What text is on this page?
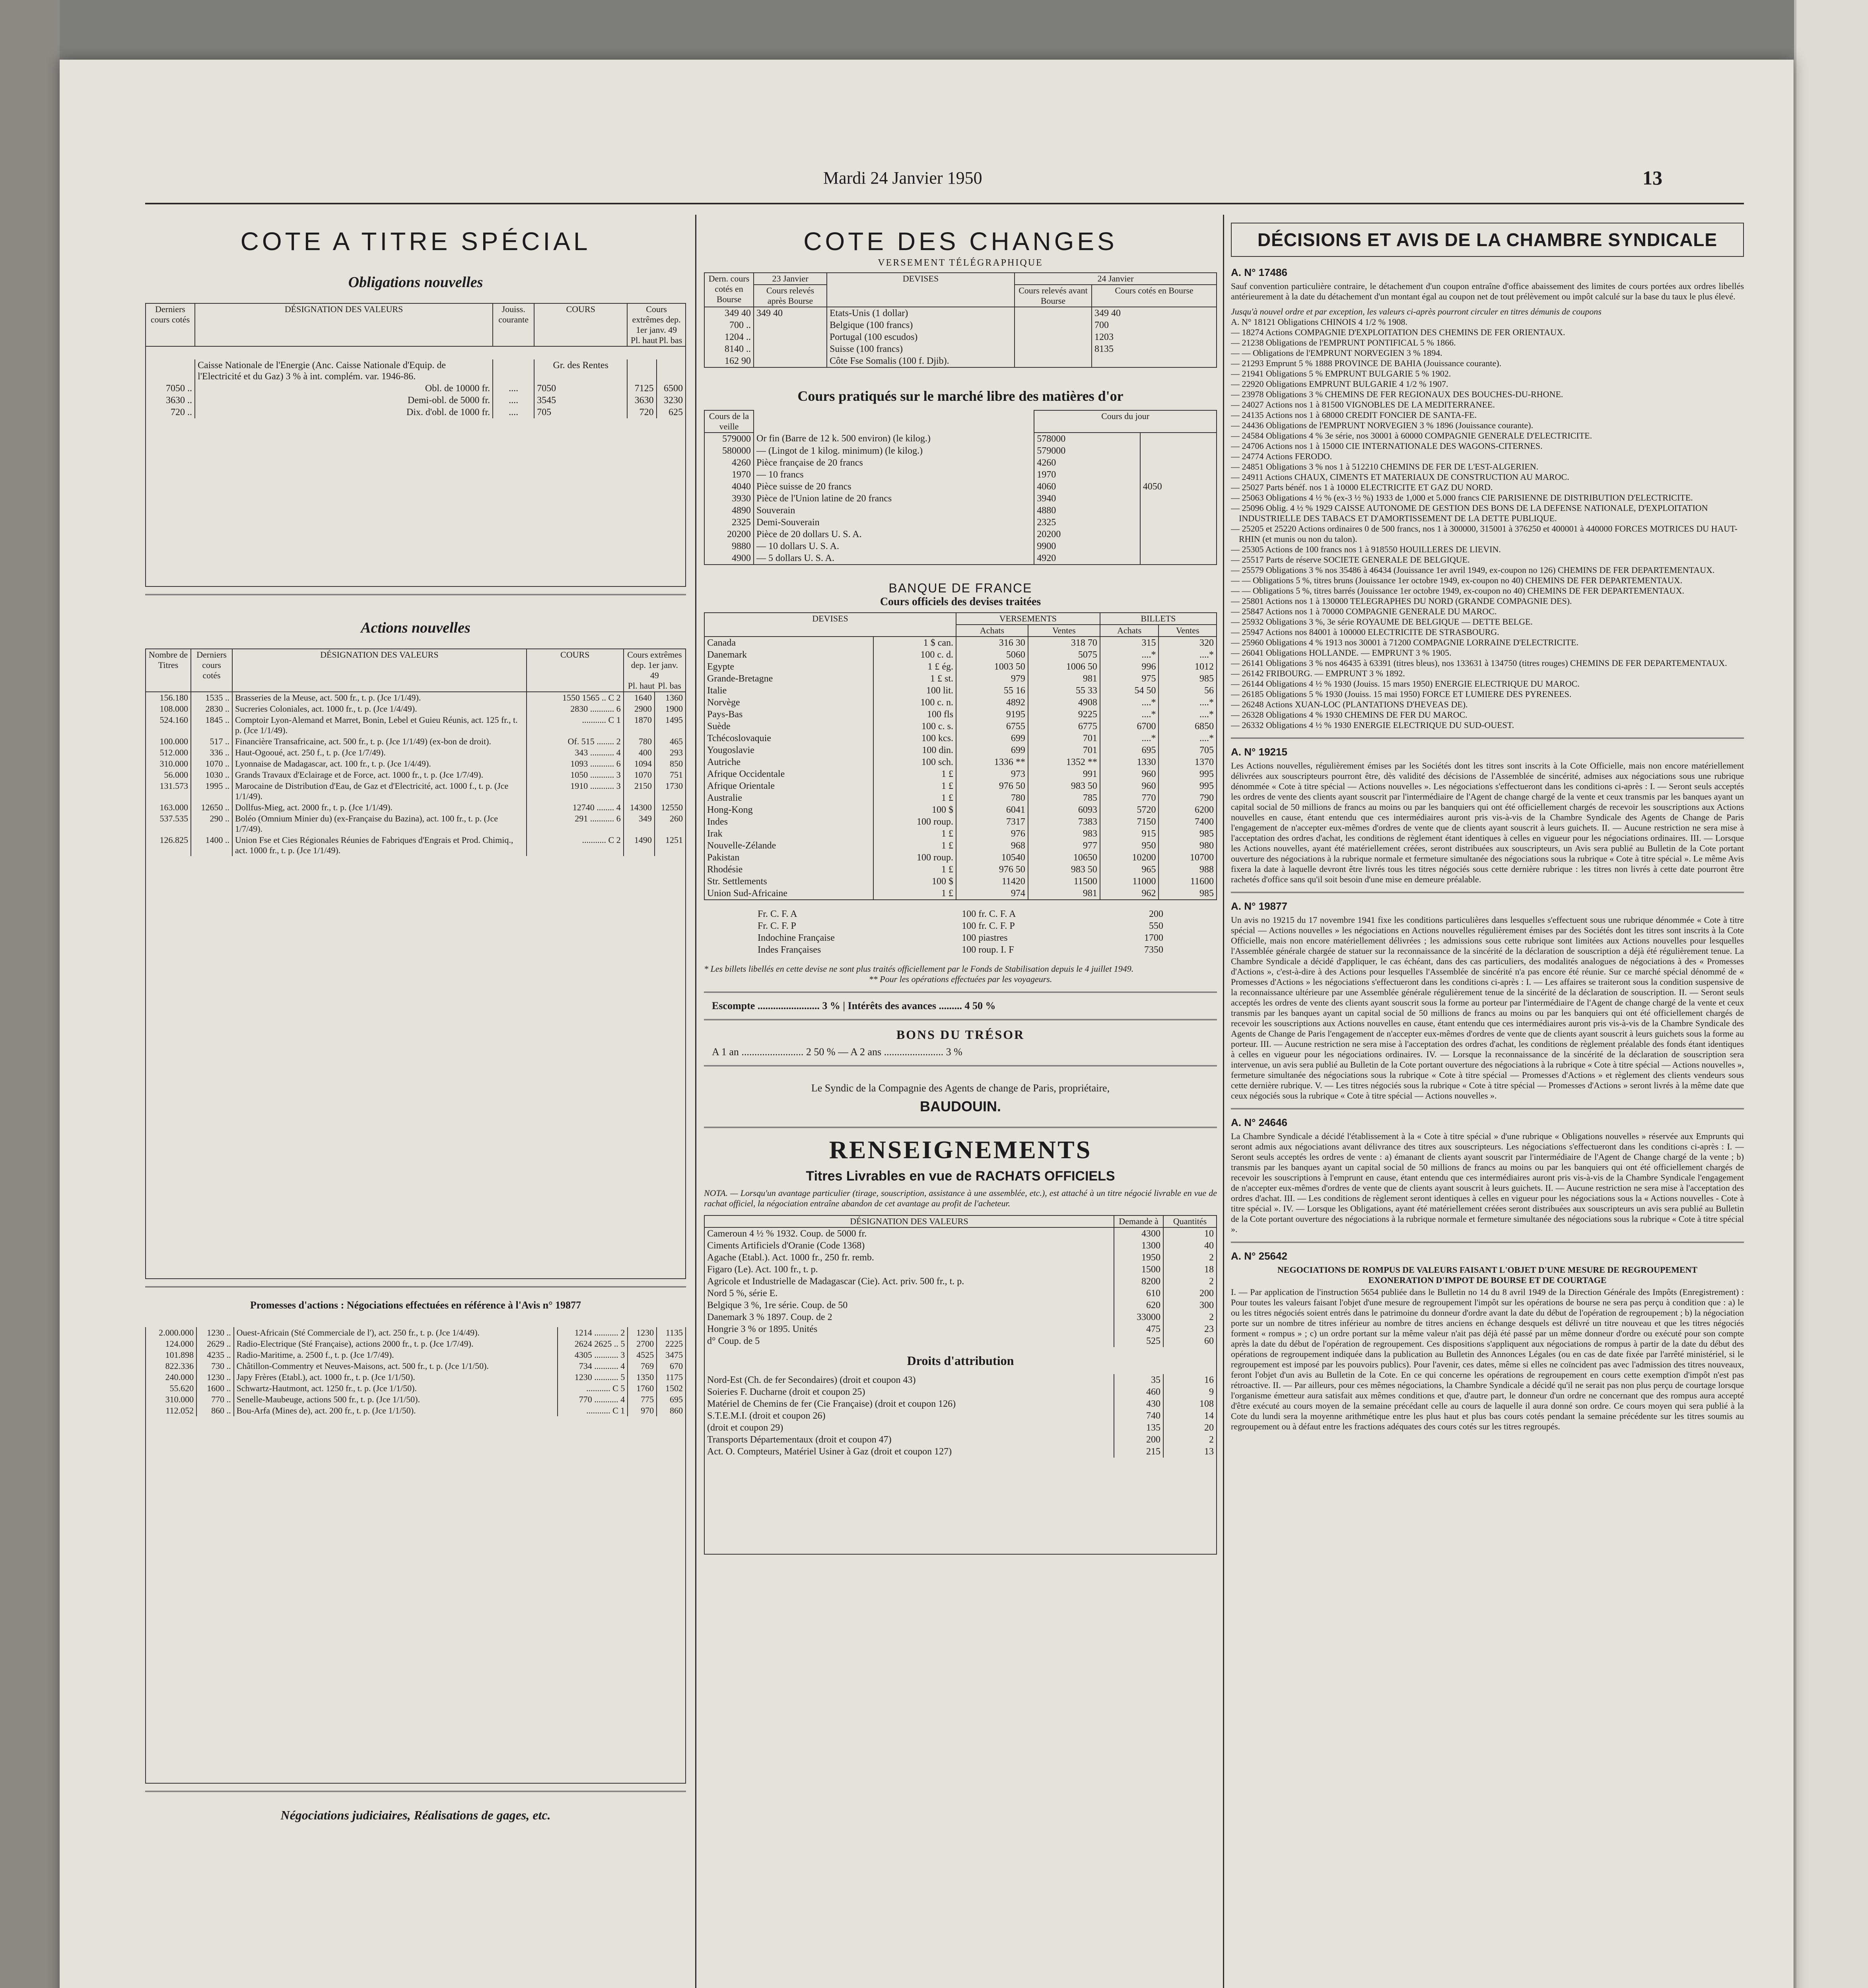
Mardi 24 Janvier 1950	13
COTE A TITRE SPÉCIAL
Obligations nouvelles
Derniers cours cotés	DÉSIGNATION DES VALEURS	Jouiss. courante	COURS	Cours extrêmes dep. 1er janv. 49
Pl. haut Pl. bas	

	Caisse Nationale de l'Energie (Anc. Caisse Nationale d'Equip. de l'Electricité et du Gaz) 3 % à int. complém. var. 1946-86.		Gr. des Rentes		
7050 ..	Obl. de 10000 fr.	....	7050	7125	6500
3630 ..	Demi-obl. de 5000 fr.	....	3545	3630	3230
720 ..	Dix. d'obl. de 1000 fr.	....	705	720	625

Actions nouvelles
Nombre de Titres	Derniers cours cotés	DÉSIGNATION DES VALEURS	COURS	Cours extrêmes dep. 1er janv. 49
Pl. haut Pl. bas	

156.180	1535 ..	Brasseries de la Meuse, act. 500 fr., t. p. (Jce 1/1/49).	1550 1565 .. C 2	1640	1360
108.000	2830 ..	Sucreries Coloniales, act. 1000 fr., t. p. (Jce 1/4/49).	2830 ........... 6	2900	1900
524.160	1845 ..	Comptoir Lyon-Alemand et Marret, Bonin, Lebel et Guieu Réunis, act. 125 fr., t. p. (Jce 1/1/49).	........... C 1	1870	1495
100.000	517 ..	Financière Transafricaine, act. 500 fr., t. p. (Jce 1/1/49) (ex-bon de droit).	Of. 515 ........ 2	780	465
512.000	336 ..	Haut-Ogooué, act. 250 f., t. p. (Jce 1/7/49).	343 ........... 4	400	293
310.000	1070 ..	Lyonnaise de Madagascar, act. 100 fr., t. p. (Jce 1/4/49).	1093 ........... 6	1094	850
56.000	1030 ..	Grands Travaux d'Eclairage et de Force, act. 1000 fr., t. p. (Jce 1/7/49).	1050 ........... 3	1070	751
131.573	1995 ..	Marocaine de Distribution d'Eau, de Gaz et d'Electricité, act. 1000 f., t. p. (Jce 1/1/49).	1910 ........... 3	2150	1730
163.000	12650 ..	Dollfus-Mieg, act. 2000 fr., t. p. (Jce 1/1/49).	12740 ........ 4	14300	12550
537.535	290 ..	Boléo (Omnium Minier du) (ex-Française du Bazina), act. 100 fr., t. p. (Jce 1/7/49).	291 ........... 6	349	260
126.825	1400 ..	Union Fse et Cies Régionales Réunies de Fabriques d'Engrais et Prod. Chimiq., act. 1000 fr., t. p. (Jce 1/1/49).	........... C 2	1490	1251

Promesses d'actions : Négociations effectuées en référence à l'Avis n° 19877
2.000.000	1230 ..	Ouest-Africain (Sté Commerciale de l'), act. 250 fr., t. p. (Jce 1/4/49).	1214 ........... 2	1230	1135
124.000	2629 ..	Radio-Electrique (Sté Française), actions 2000 fr., t. p. (Jce 1/7/49).	2624 2625 .. 5	2700	2225
101.898	4235 ..	Radio-Maritime, a. 2500 f., t. p. (Jce 1/7/49).	4305 ........... 3	4525	3475
822.336	730 ..	Châtillon-Commentry et Neuves-Maisons, act. 500 fr., t. p. (Jce 1/1/50).	734 ........... 4	769	670
240.000	1230 ..	Japy Frères (Etabl.), act. 1000 fr., t. p. (Jce 1/1/50).	1230 ........... 5	1350	1175
55.620	1600 ..	Schwartz-Hautmont, act. 1250 fr., t. p. (Jce 1/1/50).	........... C 5	1760	1502
310.000	770 ..	Senelle-Maubeuge, actions 500 fr., t. p. (Jce 1/1/50).	770 ........... 4	775	695
112.052	860 ..	Bou-Arfa (Mines de), act. 200 fr., t. p. (Jce 1/1/50).	........... C 1	970	860

Négociations judiciaires, Réalisations de gages, etc.
COTE DES CHANGES
VERSEMENT TÉLÉGRAPHIQUE
Dern. cours cotés en Bourse	23 Janvier	DEVISES	24 Janvier	
	Cours relevés après Bourse		Cours relevés avant Bourse	Cours cotés en Bourse
349 40	349 40	Etats-Unis (1 dollar)		349 40
700 ..		Belgique (100 francs)		700
1204 ..		Portugal (100 escudos)		1203
8140 ..		Suisse (100 francs)		8135
162 90		Côte Fse Somalis (100 f. Djib).		
Cours pratiqués sur le marché libre des matières d'or
Cours de la veille		Cours du jour	
579000	Or fin (Barre de 12 k. 500 environ) (le kilog.)	578000	
580000	— (Lingot de 1 kilog. minimum) (le kilog.)	579000	
4260	Pièce française de 20 francs	4260	
1970	— 10 francs	1970	
4040	Pièce suisse de 20 francs	4060	4050
3930	Pièce de l'Union latine de 20 francs	3940	
4890	Souverain	4880	
2325	Demi-Souverain	2325	
20200	Pièce de 20 dollars U. S. A.	20200	
9880	— 10 dollars U. S. A.	9900	
4900	— 5 dollars U. S. A.	4920	
BANQUE DE FRANCE
Cours officiels des devises traitées
DEVISES		VERSEMENTS		BILLETS	
		Achats	Ventes	Achats	Ventes
Canada	1 $ can.	316 30	318 70	315	320
Danemark	100 c. d.	5060	5075	....*	....*
Egypte	1 £ ég.	1003 50	1006 50	996	1012
Grande-Bretagne	1 £ st.	979	981	975	985
Italie	100 lit.	55 16	55 33	54 50	56
Norvège	100 c. n.	4892	4908	....*	....*
Pays-Bas	100 fls	9195	9225	....*	....*
Suède	100 c. s.	6755	6775	6700	6850
Tchécoslovaquie	100 kcs.	699	701	....*	....*
Yougoslavie	100 din.	699	701	695	705
Autriche	100 sch.	1336 **	1352 **	1330	1370
Afrique Occidentale	1 £	973	991	960	995
Afrique Orientale	1 £	976 50	983 50	960	995
Australie	1 £	780	785	770	790
Hong-Kong	100 $	6041	6093	5720	6200
Indes	100 roup.	7317	7383	7150	7400
Irak	1 £	976	983	915	985
Nouvelle-Zélande	1 £	968	977	950	980
Pakistan	100 roup.	10540	10650	10200	10700
Rhodésie	1 £	976 50	983 50	965	988
Str. Settlements	100 $	11420	11500	11000	11600
Union Sud-Africaine	1 £	974	981	962	985
Fr. C. F. A	100 fr. C. F. A	200
Fr. C. F. P	100 fr. C. F. P	550
Indochine Française	100 piastres	1700
Indes Françaises	100 roup. I. F	7350

* Les billets libellés en cette devise ne sont plus traités officiellement par le Fonds de Stabilisation depuis le 4 juillet 1949.

** Pour les opérations effectuées par les voyageurs.

Escompte ........................ 3 % | Intérêts des avances ......... 4 50 %
BONS DU TRÉSOR
A 1 an ........................ 2 50 % — A 2 ans ....................... 3 %
Le Syndic de la Compagnie des Agents de change de Paris, propriétaire,
BAUDOUIN.
RENSEIGNEMENTS
Titres Livrables en vue de RACHATS OFFICIELS

NOTA. — Lorsqu'un avantage particulier (tirage, souscription, assistance à une assemblée, etc.), est attaché à un titre négocié livrable en vue de rachat officiel, la négociation entraîne abandon de cet avantage au profit de l'acheteur.

DÉSIGNATION DES VALEURS	Demande à	Quantités
Cameroun 4 ½ % 1932. Coup. de 5000 fr.	4300	10
Ciments Artificiels d'Oranie (Code 1368)	1300	40
Agache (Etabl.). Act. 1000 fr., 250 fr. remb.	1950	2
Figaro (Le). Act. 100 fr., t. p.	1500	18
Agricole et Industrielle de Madagascar (Cie). Act. priv. 500 fr., t. p.	8200	2
Nord 5 %, série E.	610	200
Belgique 3 %, 1re série. Coup. de 50	620	300
Danemark 3 % 1897. Coup. de 2	33000	2
Hongrie 3 % or 1895. Unités	475	23
d° Coup. de 5	525	60
Droits d'attribution		
Nord-Est (Ch. de fer Secondaires) (droit et coupon 43)	35	16
Soieries F. Ducharne (droit et coupon 25)	460	9
Matériel de Chemins de fer (Cie Française) (droit et coupon 126)	430	108
S.T.E.M.I. (droit et coupon 26)	740	14
(droit et coupon 29)	135	20
Transports Départementaux (droit et coupon 47)	200	2
Act. O. Compteurs, Matériel Usiner à Gaz (droit et coupon 127)	215	13

DÉCISIONS ET AVIS DE LA CHAMBRE SYNDICALE
A. N° 17486

Sauf convention particulière contraire, le détachement d'un coupon entraîne d'office abaissement des limites de cours portées aux ordres libellés antérieurement à la date du détachement d'un montant égal au coupon net de tout prélèvement ou impôt calculé sur la base du taux le plus élevé.

Jusqu'à nouvel ordre et par exception, les valeurs ci-après pourront circuler en titres démunis de coupons

A. N° 18121 Obligations CHINOIS 4 1/2 % 1908.
— 18274 Actions COMPAGNIE D'EXPLOITATION DES CHEMINS DE FER ORIENTAUX.
— 21238 Obligations de l'EMPRUNT PONTIFICAL 5 % 1866.
— — Obligations de l'EMPRUNT NORVEGIEN 3 % 1894.
— 21293 Emprunt 5 % 1888 PROVINCE DE BAHIA (Jouissance courante).
— 21941 Obligations 5 % EMPRUNT BULGARIE 5 % 1902.
— 22920 Obligations EMPRUNT BULGARIE 4 1/2 % 1907.
— 23978 Obligations 3 % CHEMINS DE FER REGIONAUX DES BOUCHES-DU-RHONE.
— 24027 Actions nos 1 à 81500 VIGNOBLES DE LA MEDITERRANEE.
— 24135 Actions nos 1 à 68000 CREDIT FONCIER DE SANTA-FE.
— 24436 Obligations de l'EMPRUNT NORVEGIEN 3 % 1896 (Jouissance courante).
— 24584 Obligations 4 % 3e série, nos 30001 à 60000 COMPAGNIE GENERALE D'ELECTRICITE.
— 24706 Actions nos 1 à 15000 CIE INTERNATIONALE DES WAGONS-CITERNES.
— 24774 Actions FERODO.
— 24851 Obligations 3 % nos 1 à 512210 CHEMINS DE FER DE L'EST-ALGERIEN.
— 24911 Actions CHAUX, CIMENTS ET MATERIAUX DE CONSTRUCTION AU MAROC.
— 25027 Parts bénéf. nos 1 à 10000 ELECTRICITE ET GAZ DU NORD.
— 25063 Obligations 4 ½ % (ex-3 ½ %) 1933 de 1,000 et 5.000 francs CIE PARISIENNE DE DISTRIBUTION D'ELECTRICITE.
— 25096 Oblig. 4 ½ % 1929 CAISSE AUTONOME DE GESTION DES BONS DE LA DEFENSE NATIONALE, D'EXPLOITATION INDUSTRIELLE DES TABACS ET D'AMORTISSEMENT DE LA DETTE PUBLIQUE.
— 25205 et 25220 Actions ordinaires 0 de 500 francs, nos 1 à 300000, 315001 à 376250 et 400001 à 440000 FORCES MOTRICES DU HAUT-RHIN (et munis ou non du talon).
— 25305 Actions de 100 francs nos 1 à 918550 HOUILLERES DE LIEVIN.
— 25517 Parts de réserve SOCIETE GENERALE DE BELGIQUE.
— 25579 Obligations 3 % nos 35486 à 46434 (Jouissance 1er avril 1949, ex-coupon no 126) CHEMINS DE FER DEPARTEMENTAUX.
— — Obligations 5 %, titres bruns (Jouissance 1er octobre 1949, ex-coupon no 40) CHEMINS DE FER DEPARTEMENTAUX.
— — Obligations 5 %, titres barrés (Jouissance 1er octobre 1949, ex-coupon no 40) CHEMINS DE FER DEPARTEMENTAUX.
— 25801 Actions nos 1 à 130000 TELEGRAPHES DU NORD (GRANDE COMPAGNIE DES).
— 25847 Actions nos 1 à 70000 COMPAGNIE GENERALE DU MAROC.
— 25932 Obligations 3 %, 3e série ROYAUME DE BELGIQUE — DETTE BELGE.
— 25947 Actions nos 84001 à 100000 ELECTRICITE DE STRASBOURG.
— 25960 Obligations 4 % 1913 nos 30001 à 71200 COMPAGNIE LORRAINE D'ELECTRICITE.
— 26041 Obligations HOLLANDE. — EMPRUNT 3 % 1905.
— 26141 Obligations 3 % nos 46435 à 63391 (titres bleus), nos 133631 à 134750 (titres rouges) CHEMINS DE FER DEPARTEMENTAUX.
— 26142 FRIBOURG. — EMPRUNT 3 % 1892.
— 26144 Obligations 4 ½ % 1930 (Jouiss. 15 mars 1950) ENERGIE ELECTRIQUE DU MAROC.
— 26185 Obligations 5 % 1930 (Jouiss. 15 mai 1950) FORCE ET LUMIERE DES PYRENEES.
— 26248 Actions XUAN-LOC (PLANTATIONS D'HEVEAS DE).
— 26328 Obligations 4 % 1930 CHEMINS DE FER DU MAROC.
— 26332 Obligations 4 ½ % 1930 ENERGIE ELECTRIQUE DU SUD-OUEST.
A. N° 19215

Les Actions nouvelles, régulièrement émises par les Sociétés dont les titres sont inscrits à la Cote Officielle, mais non encore matériellement délivrées aux souscripteurs pourront être, dès validité des décisions de l'Assemblée de sincérité, admises aux négociations sous une rubrique dénommée « Cote à titre spécial — Actions nouvelles ». Les négociations s'effectueront dans les conditions ci-après : I. — Seront seuls acceptés les ordres de vente des clients ayant souscrit par l'intermédiaire de l'Agent de change chargé de la vente et ceux transmis par les banques ayant un capital social de 50 millions de francs au moins ou par les banquiers qui ont été officiellement chargés de recevoir les souscriptions aux Actions nouvelles en cause, étant entendu que ces intermédiaires auront pris vis-à-vis de la Chambre Syndicale des Agents de Change de Paris l'engagement de n'accepter eux-mêmes d'ordres de vente que de clients ayant souscrit à leurs guichets. II. — Aucune restriction ne sera mise à l'acceptation des ordres d'achat, les conditions de règlement étant identiques à celles en vigueur pour les négociations ordinaires. III. — Lorsque les Actions nouvelles, ayant été matériellement créées, seront distribuées aux souscripteurs, un Avis sera publié au Bulletin de la Cote portant ouverture des négociations à la rubrique normale et fermeture simultanée des négociations sous la rubrique « Cote à titre spécial ». Le même Avis fixera la date à laquelle devront être livrés tous les titres négociés sous cette dernière rubrique : les titres non livrés à cette date pourront être rachetés d'office sans qu'il soit besoin d'une mise en demeure préalable.

A. N° 19877

Un avis no 19215 du 17 novembre 1941 fixe les conditions particulières dans lesquelles s'effectuent sous une rubrique dénommée « Cote à titre spécial — Actions nouvelles » les négociations en Actions nouvelles régulièrement émises par des Sociétés dont les titres sont inscrits à la Cote Officielle, mais non encore matériellement délivrées ; les admissions sous cette rubrique sont limitées aux Actions nouvelles pour lesquelles l'Assemblée générale chargée de statuer sur la reconnaissance de la sincérité de la déclaration de souscription a déjà été régulièrement tenue. La Chambre Syndicale a décidé d'appliquer, le cas échéant, dans des cas particuliers, des modalités analogues de négociations à des « Promesses d'Actions », c'est-à-dire à des Actions pour lesquelles l'Assemblée de sincérité n'a pas encore été réunie. Sur ce marché spécial dénommé de « Promesses d'Actions » les négociations s'effectueront dans les conditions ci-après : I. — Les affaires se traiteront sous la condition suspensive de la reconnaissance ultérieure par une Assemblée générale régulièrement tenue de la sincérité de la déclaration de souscription. II. — Seront seuls acceptés les ordres de vente des clients ayant souscrit sous la forme au porteur par l'intermédiaire de l'Agent de change chargé de la vente et ceux transmis par les banques ayant un capital social de 50 millions de francs au moins ou par les banquiers qui ont été officiellement chargés de recevoir les souscriptions aux Actions nouvelles en cause, étant entendu que ces intermédiaires auront pris vis-à-vis de la Chambre Syndicale des Agents de Change de Paris l'engagement de n'accepter eux-mêmes d'ordres de vente que de clients ayant souscrit à leurs guichets sous la forme au porteur. III. — Aucune restriction ne sera mise à l'acceptation des ordres d'achat, les conditions de règlement préalable des fonds étant identiques à celles en vigueur pour les négociations ordinaires. IV. — Lorsque la reconnaissance de la sincérité de la déclaration de souscription sera intervenue, un avis sera publié au Bulletin de la Cote portant ouverture des négociations à la rubrique « Cote à titre spécial — Actions nouvelles », fermeture simultanée des négociations sous la rubrique « Cote à titre spécial — Promesses d'Actions » et règlement des clients vendeurs sous cette dernière rubrique. V. — Les titres négociés sous la rubrique « Cote à titre spécial — Promesses d'Actions » seront livrés à la même date que ceux négociés sous la rubrique « Cote à titre spécial — Actions nouvelles ».

A. N° 24646

La Chambre Syndicale a décidé l'établissement à la « Cote à titre spécial » d'une rubrique « Obligations nouvelles » réservée aux Emprunts qui seront admis aux négociations avant délivrance des titres aux souscripteurs. Les négociations s'effectueront dans les conditions ci-après : I. — Seront seuls acceptés les ordres de vente : a) émanant de clients ayant souscrit par l'intermédiaire de l'Agent de Change chargé de la vente ; b) transmis par les banques ayant un capital social de 50 millions de francs au moins ou par les banquiers qui ont été officiellement chargés de recevoir les souscriptions à l'emprunt en cause, étant entendu que ces intermédiaires auront pris vis-à-vis de la Chambre Syndicale l'engagement de n'accepter eux-mêmes d'ordres de vente que de clients ayant souscrit à leurs guichets. II. — Aucune restriction ne sera mise à l'acceptation des ordres d'achat. III. — Les conditions de règlement seront identiques à celles en vigueur pour les négociations sous la « Actions nouvelles - Cote à titre spécial ». IV. — Lorsque les Obligations, ayant été matériellement créées seront distribuées aux souscripteurs un avis sera publié au Bulletin de la Cote portant ouverture des négociations à la rubrique normale et fermeture simultanée des négociations sous la rubrique « Cote à titre spécial ».

A. N° 25642
NEGOCIATIONS DE ROMPUS DE VALEURS FAISANT L'OBJET D'UNE MESURE DE REGROUPEMENT EXONERATION D'IMPOT DE BOURSE ET DE COURTAGE

I. — Par application de l'instruction 5654 publiée dans le Bulletin no 14 du 8 avril 1949 de la Direction Générale des Impôts (Enregistrement) : Pour toutes les valeurs faisant l'objet d'une mesure de regroupement l'impôt sur les opérations de bourse ne sera pas perçu à condition que : a) le ou les titres négociés soient entrés dans le patrimoine du donneur d'ordre avant la date du début de l'opération de regroupement ; b) la négociation porte sur un nombre de titres inférieur au nombre de titres anciens en échange desquels est délivré un titre nouveau et que les titres négociés forment « rompus » ; c) un ordre portant sur la même valeur n'ait pas déjà été passé par un même donneur d'ordre ou exécuté pour son compte après la date du début de l'opération de regroupement. Ces dispositions s'appliquent aux négociations de rompus à partir de la date du début des opérations de regroupement indiquée dans la publication au Bulletin des Annonces Légales (ou en cas de date fixée par l'arrêté ministériel, si le regroupement est imposé par les pouvoirs publics). Pour l'avenir, ces dates, même si elles ne coïncident pas avec l'admission des titres nouveaux, feront l'objet d'un avis au Bulletin de la Cote. En ce qui concerne les opérations de regroupement en cours cette exemption d'impôt n'est pas rétroactive. II. — Par ailleurs, pour ces mêmes négociations, la Chambre Syndicale a décidé qu'il ne serait pas non plus perçu de courtage lorsque l'organisme émetteur aura satisfait aux mêmes conditions et que, d'autre part, le donneur d'un ordre ne concernant que des rompus aura accepté d'être exécuté au cours moyen de la semaine précédant celle au cours de laquelle il aura donné son ordre. Ce cours moyen qui sera publié à la Cote du lundi sera la moyenne arithmétique entre les plus haut et plus bas cours cotés pendant la semaine précédente sur les titres soumis au regroupement ou à défaut entre les fractions adéquates des cours cotés sur les titres regroupés.
